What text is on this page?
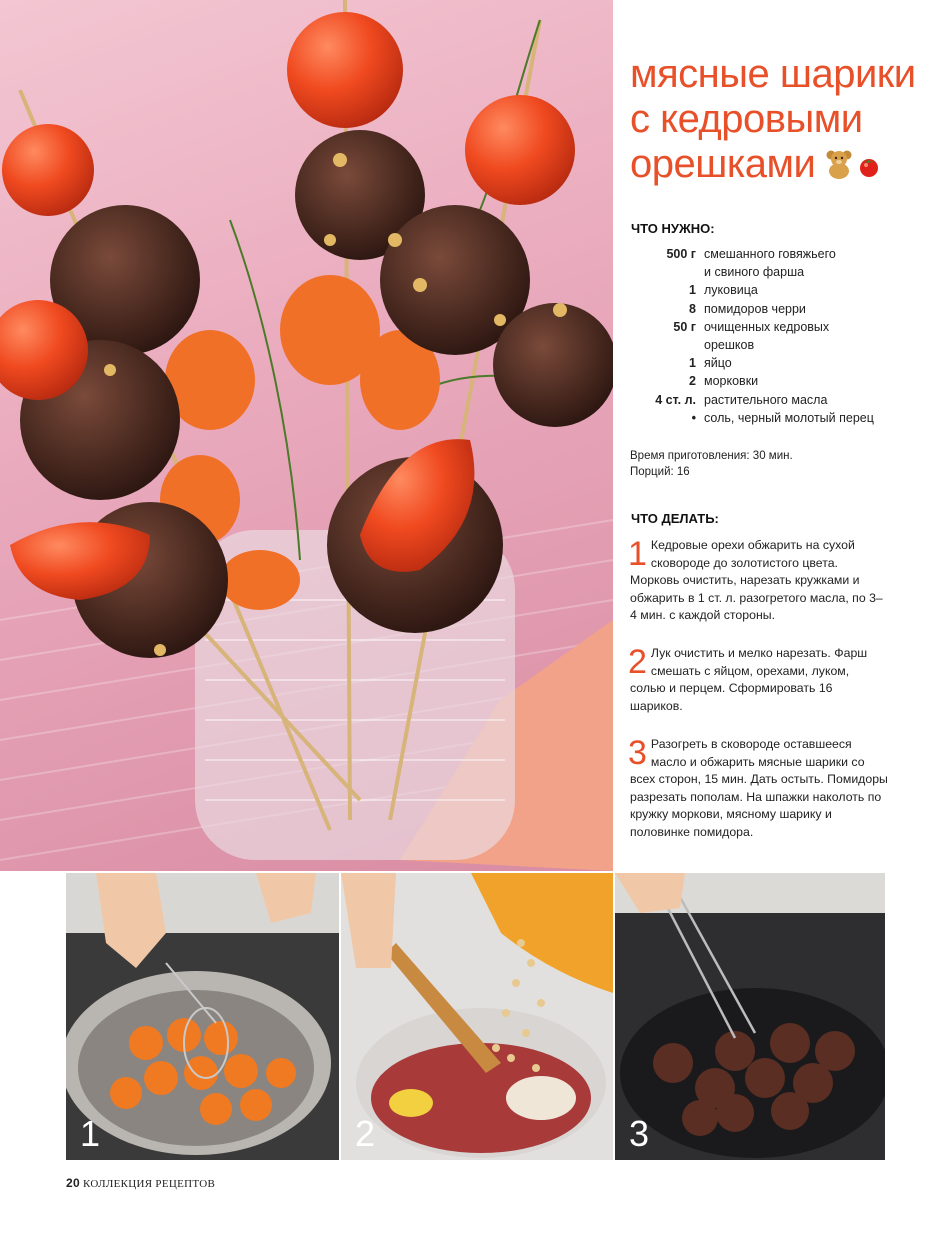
мясные шарики
с кедровыми
орешками
ЧТО НУЖНО:
500 г смешанного говяжьего
и свиного фарша
1 луковица
8 помидоров черри
50 г очищенных кедровых
орешков
1 яйцо
2 морковки
4 ст. л. растительного масла
• соль, черный молотый перец
Время приготовления: 30 мин.
Порций: 16
ЧТО ДЕЛАТЬ:

1 Кедровые орехи обжарить на сухой сковороде до золотистого цвета. Морковь очистить, нарезать кружками и обжарить в 1 ст. л. разогретого масла, по 3–4 мин. с каждой стороны.

2 Лук очистить и мелко нарезать. Фарш смешать с яйцом, орехами, луком, солью и перцем. Сформировать 16 шариков.

3 Разогреть в сковороде оставшееся масло и обжарить мясные шарики со всех сторон, 15 мин. Дать остыть. Помидоры разрезать пополам. На шпажки наколоть по кружку моркови, мясному шарику и половинке помидора.

1	2	3
20 КОЛЛЕКЦИЯ РЕЦЕПТОВ
